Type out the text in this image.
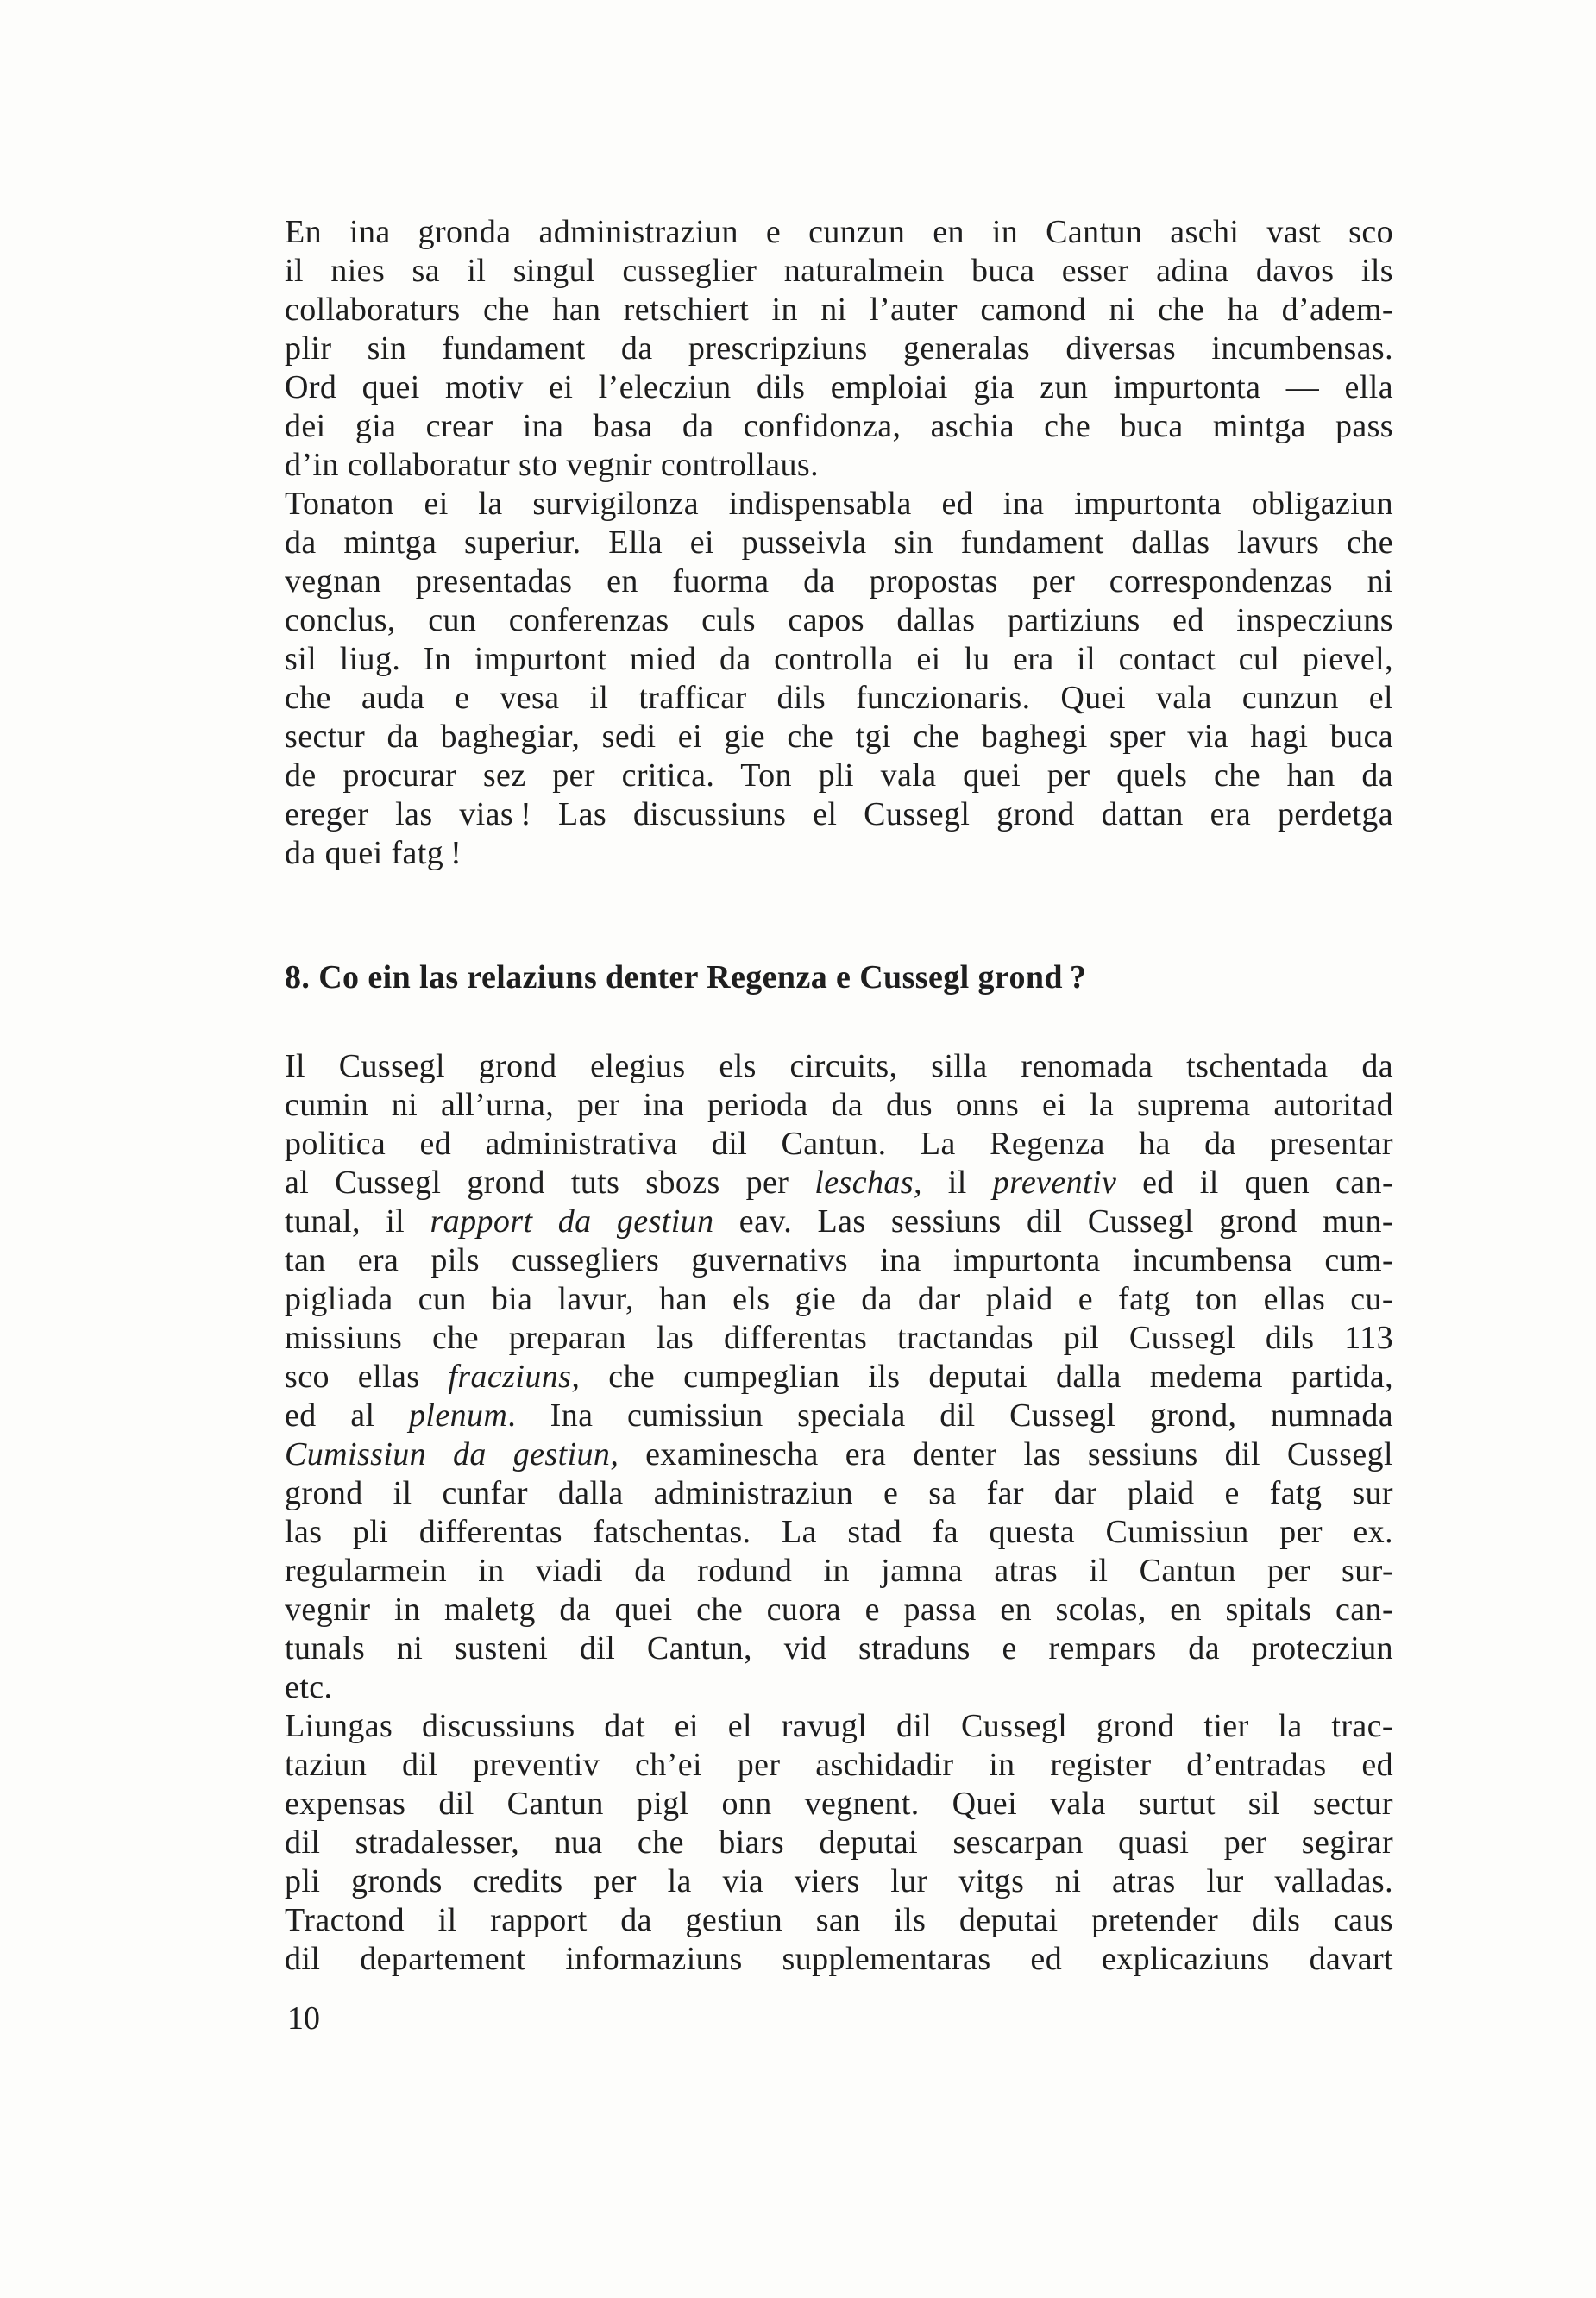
En ina gronda administraziun e cunzun en in Cantun aschi vast sco
il nies sa il singul cusseglier naturalmein buca esser adina davos ils
collaboraturs che han retschiert in ni l’auter camond ni che ha d’adem-
plir sin fundament da prescripziuns generalas diversas incumbensas.
Ord quei motiv ei l’elecziun dils emploiai gia zun impurtonta — ella
dei gia crear ina basa da confidonza, aschia che buca mintga pass
d’in collaboratur sto vegnir controllaus.
Tonaton ei la survigilonza indispensabla ed ina impurtonta obligaziun
da mintga superiur. Ella ei pusseivla sin fundament dallas lavurs che
vegnan presentadas en fuorma da propostas per correspondenzas ni
conclus, cun conferenzas culs capos dallas partiziuns ed inspecziuns
sil liug. In impurtont mied da controlla ei lu era il contact cul pievel,
che auda e vesa il trafficar dils funczionaris. Quei vala cunzun el
sectur da baghegiar, sedi ei gie che tgi che baghegi sper via hagi buca
de procurar sez per critica. Ton pli vala quei per quels che han da
ereger las vias ! Las discussiuns el Cussegl grond dattan era perdetga
da quei fatg !
8. Co ein las relaziuns denter Regenza e Cussegl grond ?
Il Cussegl grond elegius els circuits, silla renomada tschentada da
cumin ni all’urna, per ina perioda da dus onns ei la suprema autoritad
politica ed administrativa dil Cantun. La Regenza ha da presentar
al Cussegl grond tuts sbozs per leschas, il preventiv ed il quen can-
tunal, il rapport da gestiun eav. Las sessiuns dil Cussegl grond mun-
tan era pils cussegliers guvernativs ina impurtonta incumbensa cum-
pigliada cun bia lavur, han els gie da dar plaid e fatg ton ellas cu-
missiuns che preparan las differentas tractandas pil Cussegl dils 113
sco ellas fracziuns, che cumpeglian ils deputai dalla medema partida,
ed al plenum. Ina cumissiun speciala dil Cussegl grond, numnada
Cumissiun da gestiun, examinescha era denter las sessiuns dil Cussegl
grond il cunfar dalla administraziun e sa far dar plaid e fatg sur
las pli differentas fatschentas. La stad fa questa Cumissiun per ex.
regularmein in viadi da rodund in jamna atras il Cantun per sur-
vegnir in maletg da quei che cuora e passa en scolas, en spitals can-
tunals ni susteni dil Cantun, vid straduns e rempars da protecziun
etc.
Liungas discussiuns dat ei el ravugl dil Cussegl grond tier la trac-
taziun dil preventiv ch’ei per aschidadir in register d’entradas ed
expensas dil Cantun pigl onn vegnent. Quei vala surtut sil sectur
dil stradalesser, nua che biars deputai sescarpan quasi per segirar
pli gronds credits per la via viers lur vitgs ni atras lur valladas.
Tractond il rapport da gestiun san ils deputai pretender dils caus
dil departement informaziuns supplementaras ed explicaziuns davart
10
